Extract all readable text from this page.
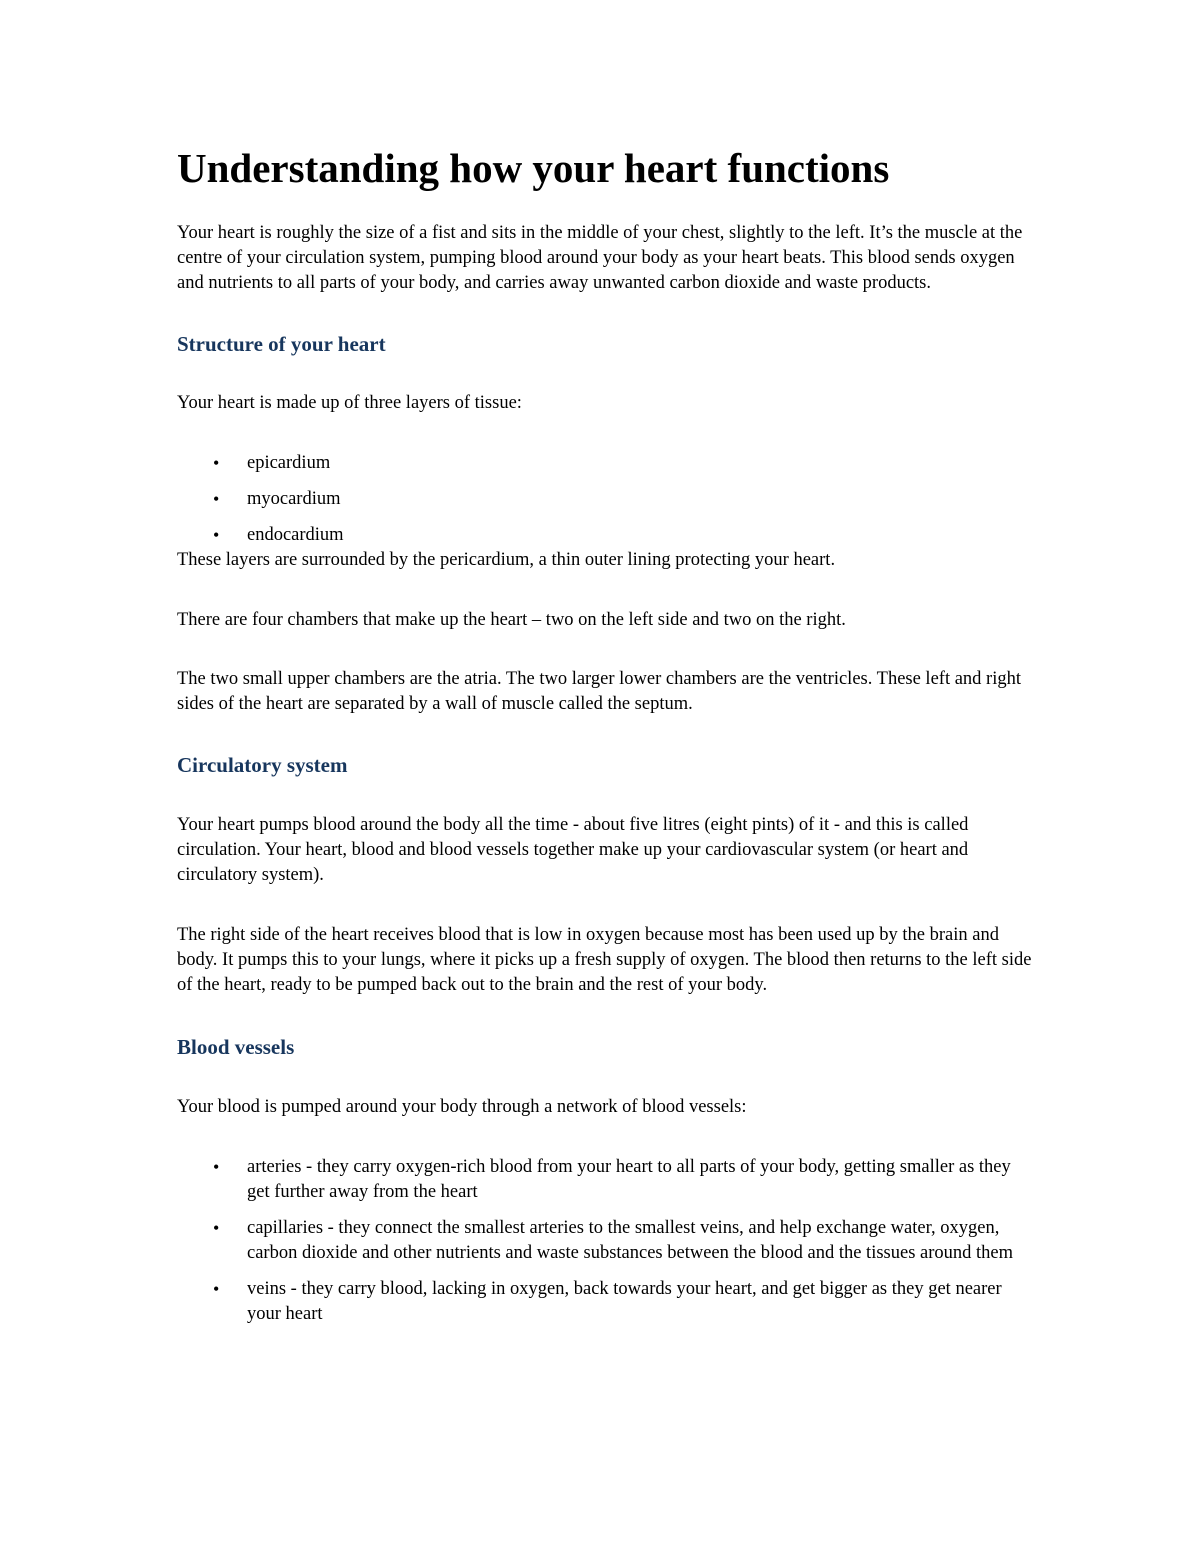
Understanding how your heart functions

Your heart is roughly the size of a fist and sits in the middle of your chest, slightly to the left. It’s the muscle at the centre of your circulation system, pumping blood around your body as your heart beats. This blood sends oxygen and nutrients to all parts of your body, and carries away unwanted carbon dioxide and waste products.

Structure of your heart

Your heart is made up of three layers of tissue:

• epicardium
• myocardium
• endocardium

These layers are surrounded by the pericardium, a thin outer lining protecting your heart.

There are four chambers that make up the heart – two on the left side and two on the right.

The two small upper chambers are the atria. The two larger lower chambers are the ventricles. These left and right sides of the heart are separated by a wall of muscle called the septum.

Circulatory system

Your heart pumps blood around the body all the time - about five litres (eight pints) of it - and this is called circulation. Your heart, blood and blood vessels together make up your cardiovascular system (or heart and circulatory system).

The right side of the heart receives blood that is low in oxygen because most has been used up by the brain and body. It pumps this to your lungs, where it picks up a fresh supply of oxygen. The blood then returns to the left side of the heart, ready to be pumped back out to the brain and the rest of your body.

Blood vessels

Your blood is pumped around your body through a network of blood vessels:

• arteries - they carry oxygen-rich blood from your heart to all parts of your body, getting smaller as they get further away from the heart
• capillaries - they connect the smallest arteries to the smallest veins, and help exchange water, oxygen, carbon dioxide and other nutrients and waste substances between the blood and the tissues around them
• veins - they carry blood, lacking in oxygen, back towards your heart, and get bigger as they get nearer your heart
